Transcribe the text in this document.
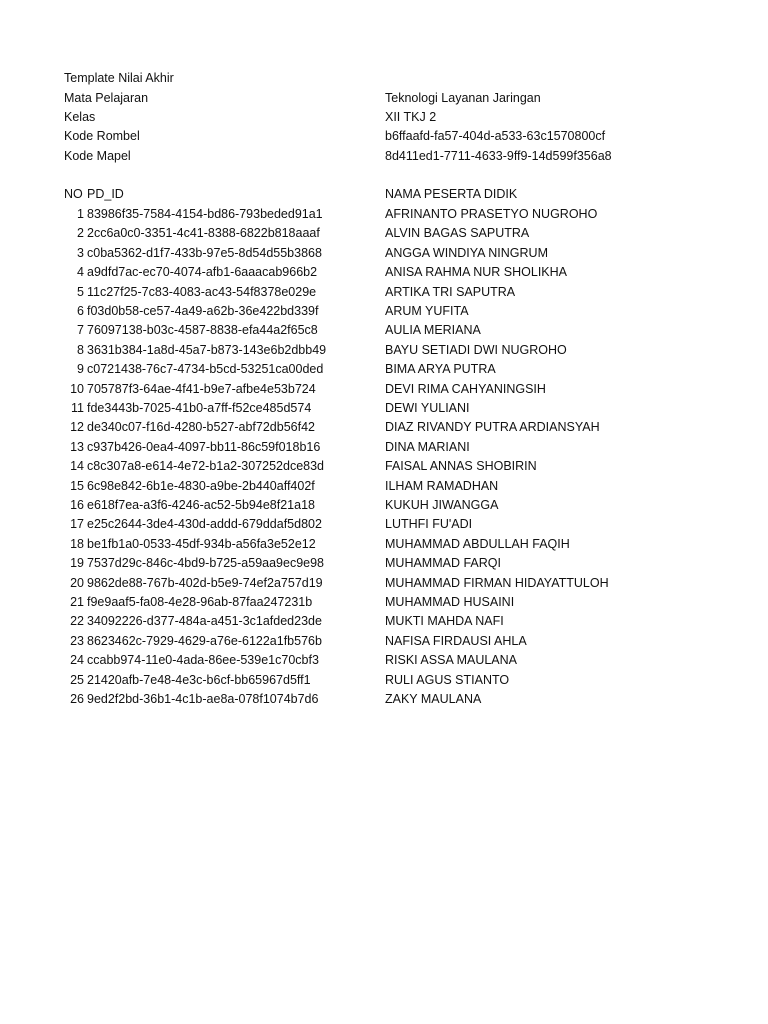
Template Nilai Akhir
Mata Pelajaran	Teknologi Layanan Jaringan
Kelas	XII TKJ 2
Kode Rombel	b6ffaafd-fa57-404d-a533-63c1570800cf
Kode Mapel	8d411ed1-7711-4633-9ff9-14d599f356a8
NO PD_ID	NAMA PESERTA DIDIK
1 83986f35-7584-4154-bd86-793beded91a1	AFRINANTO PRASETYO NUGROHO
2 2cc6a0c0-3351-4c41-8388-6822b818aaaf	ALVIN BAGAS SAPUTRA
3 c0ba5362-d1f7-433b-97e5-8d54d55b3868	ANGGA WINDIYA NINGRUM
4 a9dfd7ac-ec70-4074-afb1-6aaacab966b2	ANISA RAHMA NUR SHOLIKHA
5 11c27f25-7c83-4083-ac43-54f8378e029e	ARTIKA TRI SAPUTRA
6 f03d0b58-ce57-4a49-a62b-36e422bd339f	ARUM YUFITA
7 76097138-b03c-4587-8838-efa44a2f65c8	AULIA MERIANA
8 3631b384-1a8d-45a7-b873-143e6b2dbb49	BAYU SETIADI DWI NUGROHO
9 c0721438-76c7-4734-b5cd-53251ca00ded	BIMA ARYA PUTRA
10 705787f3-64ae-4f41-b9e7-afbe4e53b724	DEVI RIMA CAHYANINGSIH
11 fde3443b-7025-41b0-a7ff-f52ce485d574	DEWI YULIANI
12 de340c07-f16d-4280-b527-abf72db56f42	DIAZ RIVANDY PUTRA ARDIANSYAH
13 c937b426-0ea4-4097-bb11-86c59f018b16	DINA MARIANI
14 c8c307a8-e614-4e72-b1a2-307252dce83d	FAISAL ANNAS SHOBIRIN
15 6c98e842-6b1e-4830-a9be-2b440aff402f	ILHAM RAMADHAN
16 e618f7ea-a3f6-4246-ac52-5b94e8f21a18	KUKUH JIWANGGA
17 e25c2644-3de4-430d-addd-679ddaf5d802	LUTHFI FU'ADI
18 be1fb1a0-0533-45df-934b-a56fa3e52e12	MUHAMMAD ABDULLAH FAQIH
19 7537d29c-846c-4bd9-b725-a59aa9ec9e98	MUHAMMAD FARQI
20 9862de88-767b-402d-b5e9-74ef2a757d19	MUHAMMAD FIRMAN HIDAYATTULOH
21 f9e9aaf5-fa08-4e28-96ab-87faa247231b	MUHAMMAD HUSAINI
22 34092226-d377-484a-a451-3c1afded23de	MUKTI MAHDA NAFI
23 8623462c-7929-4629-a76e-6122a1fb576b	NAFISA FIRDAUSI AHLA
24 ccabb974-11e0-4ada-86ee-539e1c70cbf3	RISKI ASSA MAULANA
25 21420afb-7e48-4e3c-b6cf-bb65967d5ff1	RULI AGUS STIANTO
26 9ed2f2bd-36b1-4c1b-ae8a-078f1074b7d6	ZAKY MAULANA
